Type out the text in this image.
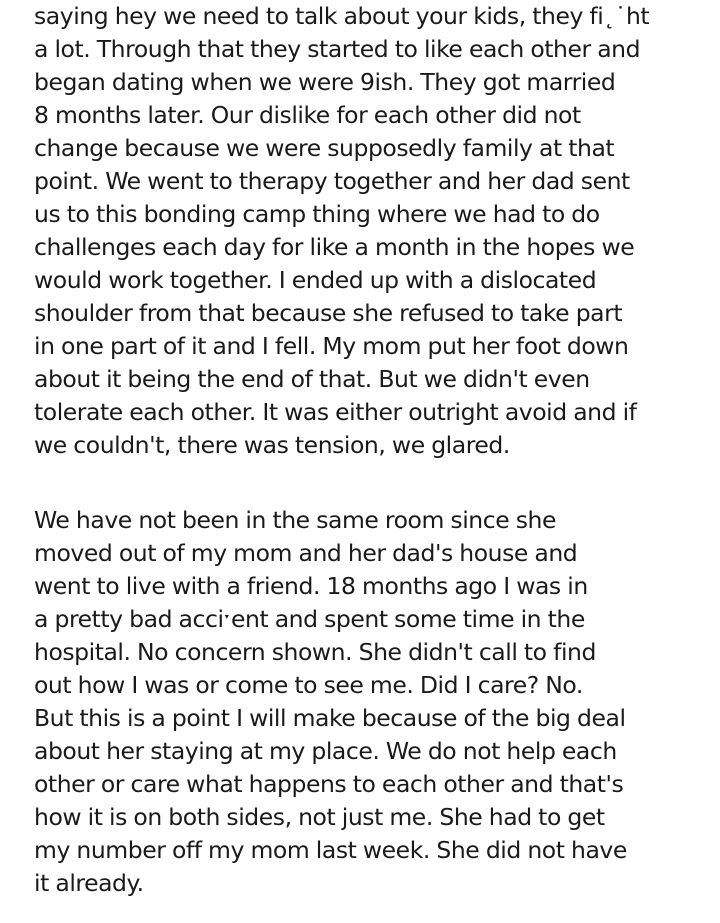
saying hey we need to talk about your kids, they fi˛˙ht
a lot. Through that they started to like each other and
began dating when we were 9ish. They got married
8 months later. Our dislike for each other did not
change because we were supposedly family at that
point. We went to therapy together and her dad sent
us to this bonding camp thing where we had to do
challenges each day for like a month in the hopes we
would work together. I ended up with a dislocated
shoulder from that because she refused to take part
in one part of it and I fell. My mom put her foot down
about it being the end of that. But we didn't even
tolerate each other. It was either outright avoid and if
we couldn't, there was tension, we glared.

We have not been in the same room since she
moved out of my mom and her dad's house and
went to live with a friend. 18 months ago I was in
a pretty bad acciˑent and spent some time in the
hospital. No concern shown. She didn't call to find
out how I was or come to see me. Did I care? No.
But this is a point I will make because of the big deal
about her staying at my place. We do not help each
other or care what happens to each other and that's
how it is on both sides, not just me. She had to get
my number off my mom last week. She did not have
it already.
